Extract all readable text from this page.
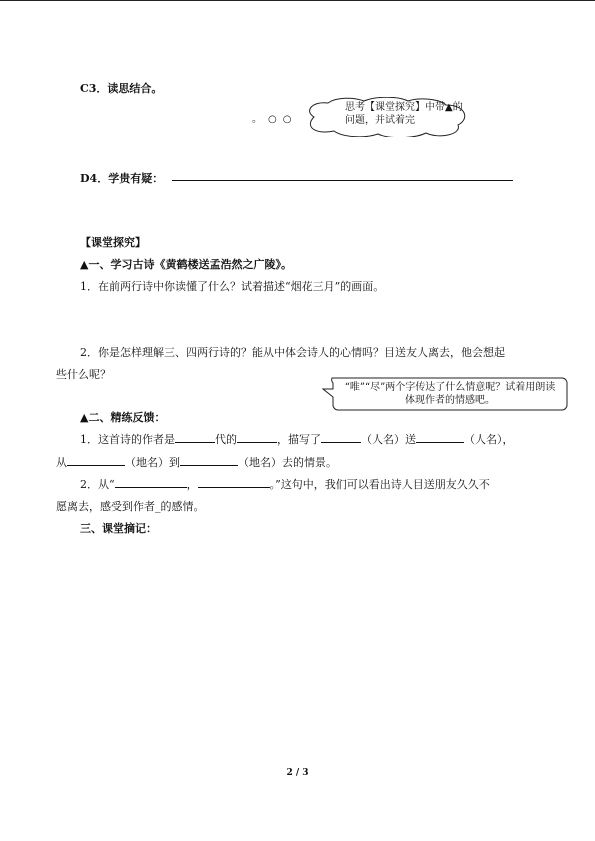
C3．读思结合。
。○○
思考【课堂探究】中带▲的问题，并试着完
D4．学贵有疑：
【课堂探究】
▲一、学习古诗《黄鹤楼送孟浩然之广陵》。
1．在前两行诗中你读懂了什么？试着描述“烟花三月”的画面。
2．你是怎样理解三、四两行诗的？能从中体会诗人的心情吗？目送友人离去，他会想起
些什么呢？
“唯”“尽”两个字传达了什么情意呢？试着用朗读体现作者的情感吧。
▲二、精练反馈：
1．这首诗的作者是	代的	，描写了	（人名）送	（人名），
从	（地名）到	（地名）去的情景。
2．从“	，	。”这句中，我们可以看出诗人目送朋友久久不
愿离去，感受到作者_的感情。
三、课堂摘记：
2 / 3
